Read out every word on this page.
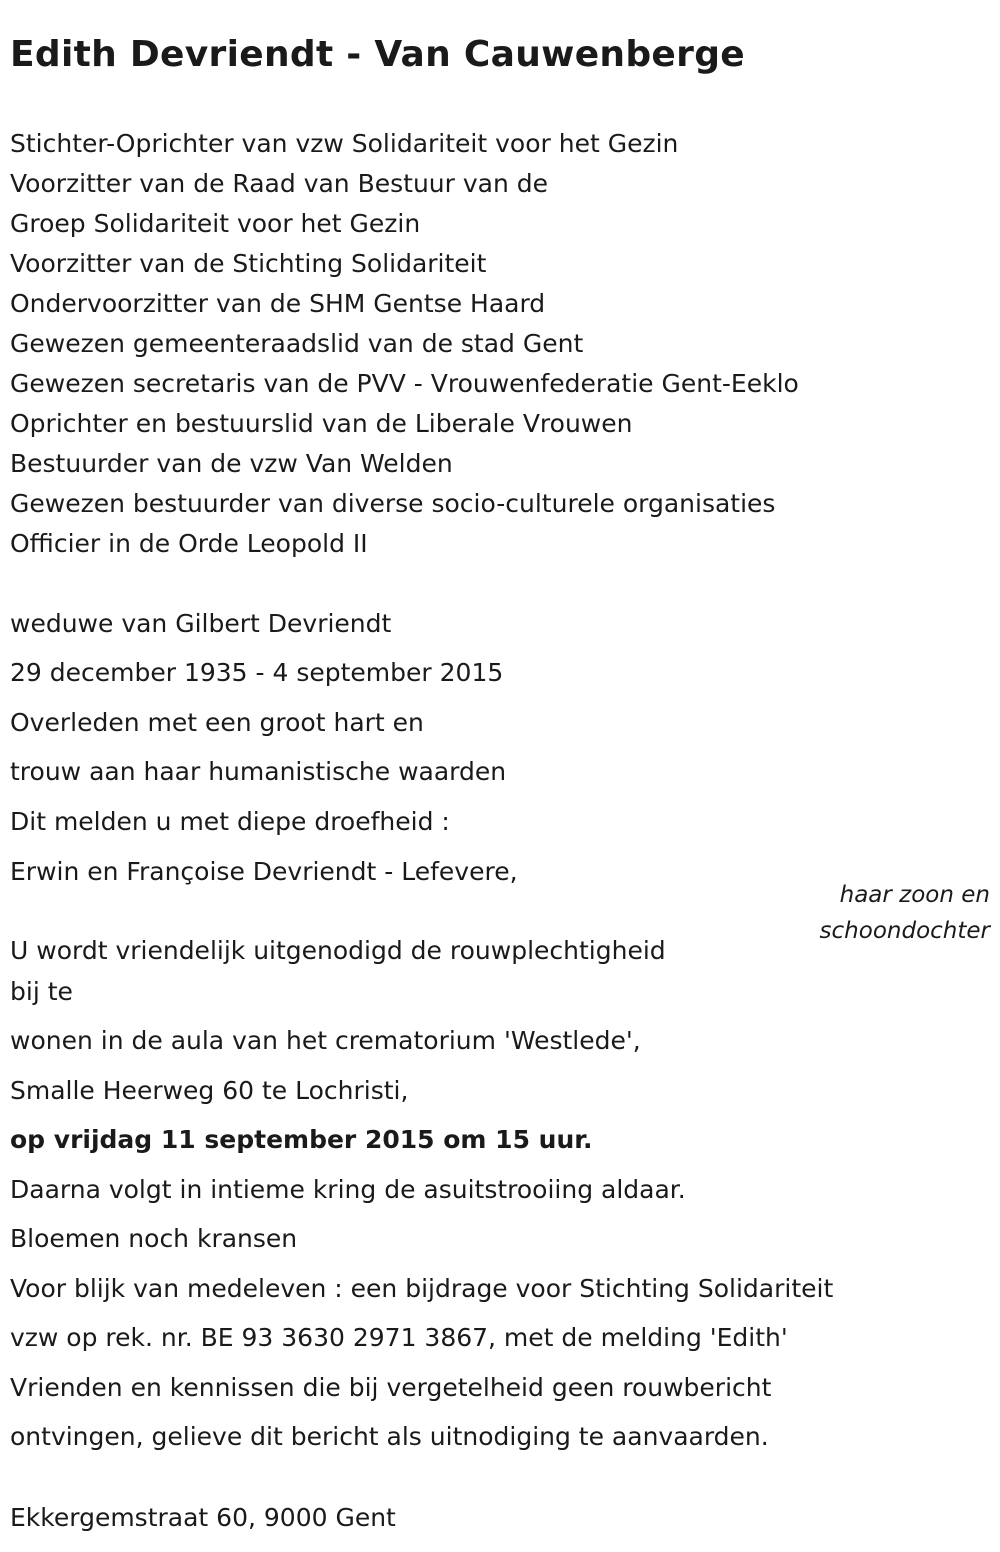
Edith Devriendt - Van Cauwenberge
Stichter-Oprichter van vzw Solidariteit voor het Gezin
Voorzitter van de Raad van Bestuur van de
Groep Solidariteit voor het Gezin
Voorzitter van de Stichting Solidariteit
Ondervoorzitter van de SHM Gentse Haard
Gewezen gemeenteraadslid van de stad Gent
Gewezen secretaris van de PVV - Vrouwenfederatie Gent-Eeklo
Oprichter en bestuurslid van de Liberale Vrouwen
Bestuurder van de vzw Van Welden
Gewezen bestuurder van diverse socio-culturele organisaties
Officier in de Orde Leopold II
weduwe van Gilbert Devriendt
29 december 1935 - 4 september 2015
Overleden met een groot hart en
trouw aan haar humanistische waarden
Dit melden u met diepe droefheid :
Erwin en Françoise Devriendt - Lefevere,
haar zoon en
schoondochter
U wordt vriendelijk uitgenodigd de rouwplechtigheid
bij te
wonen in de aula van het crematorium 'Westlede',
Smalle Heerweg 60 te Lochristi,
op vrijdag 11 september 2015 om 15 uur.
Daarna volgt in intieme kring de asuitstrooiing aldaar.
Bloemen noch kransen
Voor blijk van medeleven : een bijdrage voor Stichting Solidariteit
vzw op rek. nr. BE 93 3630 2971 3867, met de melding 'Edith'
Vrienden en kennissen die bij vergetelheid geen rouwbericht
ontvingen, gelieve dit bericht als uitnodiging te aanvaarden.
Ekkergemstraat 60, 9000 Gent
